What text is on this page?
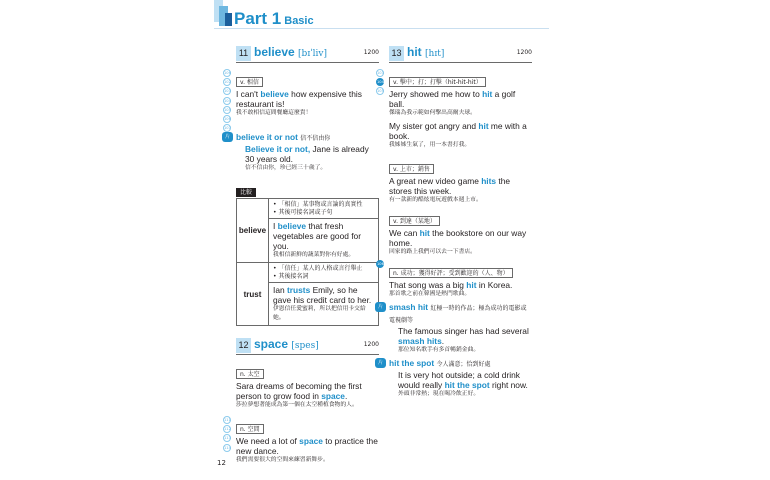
Part 1 Basic
11 believe [bɪˈliv]	1200
106
102
103
104
105
106
107
v. 相信
I can't believe how expensive this restaurant is!
我不敢相信這間餐廳這麼貴！
片 believe it or not 信不信由你
Believe it or not, Jane is already 30 years old.
信不信由你，珍已經三十歲了。
比較
believe	• 「相信」某事物或言論的真實性
• 其後可接名詞或子句

	I believe that fresh vegetables are good for you.
我相信新鮮的蔬菜對你有好處。

trust	• 「信任」某人的人格或言行舉止
• 其後接名詞

	Ian trusts Emily, so he gave his credit card to her.
伊恩信任愛蜜莉，所以把信用卡交給她。
12 space [spes]	1200
n. 太空
Sara dreams of becoming the first person to grow food in space.
莎拉夢想著能成為第一個在太空種植食物的人。
111
112
113
114
n. 空間
We need a lot of space to practice the new dance.
我們需要很大的空間來練習新舞步。
13 hit [hɪt]	1200
103
104
105
v. 擊中；打；打擊（hit-hit-hit）
Jerry showed me how to hit a golf ball.
傑瑞為我示範如何擊出高爾夫球。
My sister got angry and hit me with a book.
我姊姊生氣了，用一本書打我。
v. 上市；銷售
A great new video game hits the stores this week.
有一款新的酷炫電玩遊戲本週上市。
v. 到達（某地）
We can hit the bookstore on our way home.
回家的路上我們可以去一下書店。
106
n. 成功；獲得好評；受到歡迎的（人、物）
That song was a big hit in Korea.
那首歌之前在韓國是熱門歌曲。
片 smash hit 紅極一時的作品；極為成功的電影或電視劇等
The famous singer has had several smash hits.
那位知名歌手有多首暢銷金曲。
片 hit the spot 令人滿意；恰到好處
It is very hot outside; a cold drink would really hit the spot right now.
外頭非常熱；現在喝冷飲正好。
12
